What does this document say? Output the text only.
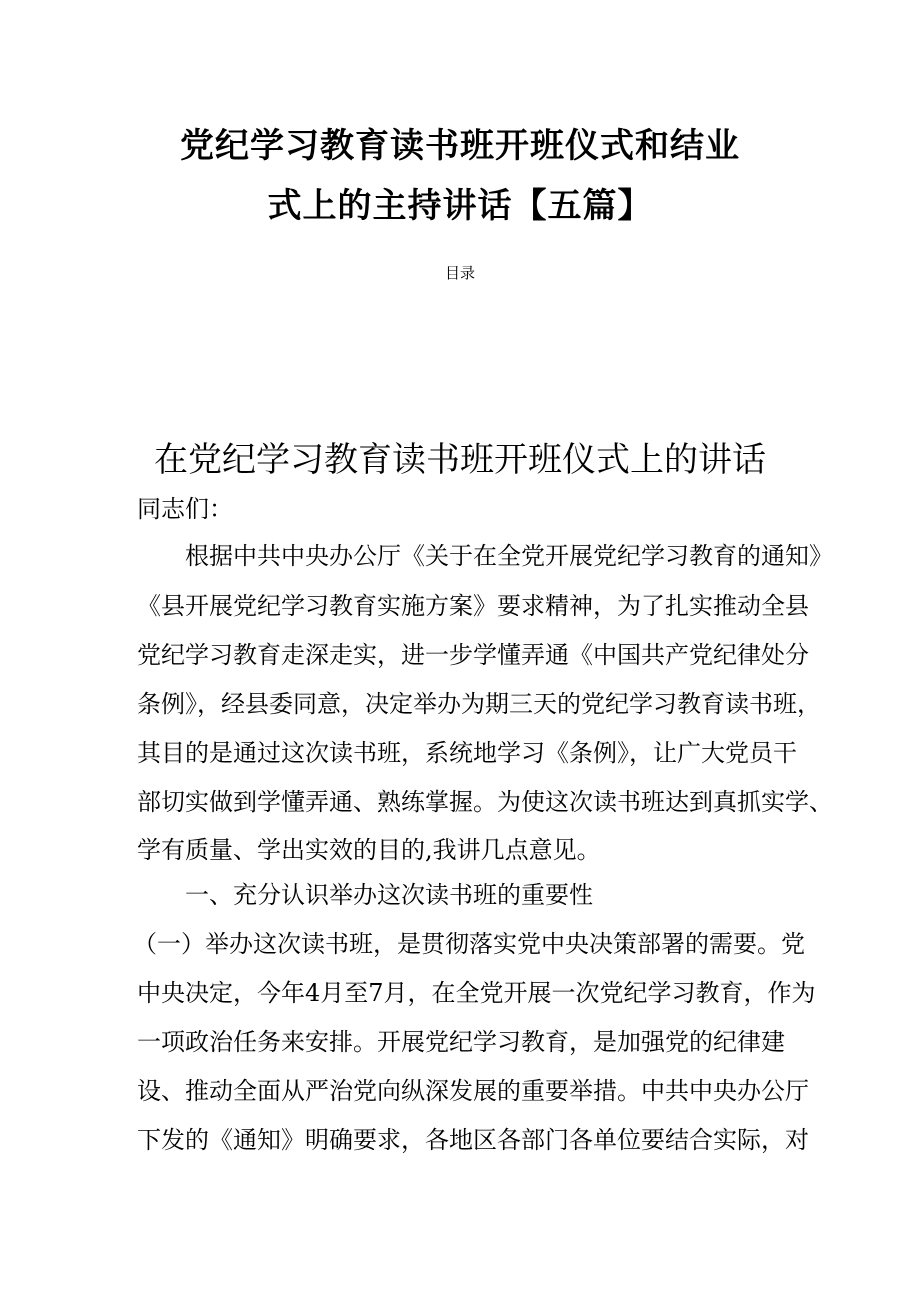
党纪学习教育读书班开班仪式和结业
式上的主持讲话【五篇】
目录
在党纪学习教育读书班开班仪式上的讲话
同志们：
根据中共中央办公厅《关于在全党开展党纪学习教育的通知》
《县开展党纪学习教育实施方案》要求精神，为了扎实推动全县
党纪学习教育走深走实，进一步学懂弄通《中国共产党纪律处分
条例》，经县委同意，决定举办为期三天的党纪学习教育读书班，
其目的是通过这次读书班，系统地学习《条例》，让广大党员干
部切实做到学懂弄通、熟练掌握。为使这次读书班达到真抓实学、
学有质量、学出实效的目的,我讲几点意见。
一、充分认识举办这次读书班的重要性
（一）举办这次读书班，是贯彻落实党中央决策部署的需要。党
中央决定，今年4月至7月，在全党开展一次党纪学习教育，作为
一项政治任务来安排。开展党纪学习教育，是加强党的纪律建
设、推动全面从严治党向纵深发展的重要举措。中共中央办公厅
下发的《通知》明确要求，各地区各部门各单位要结合实际，对
